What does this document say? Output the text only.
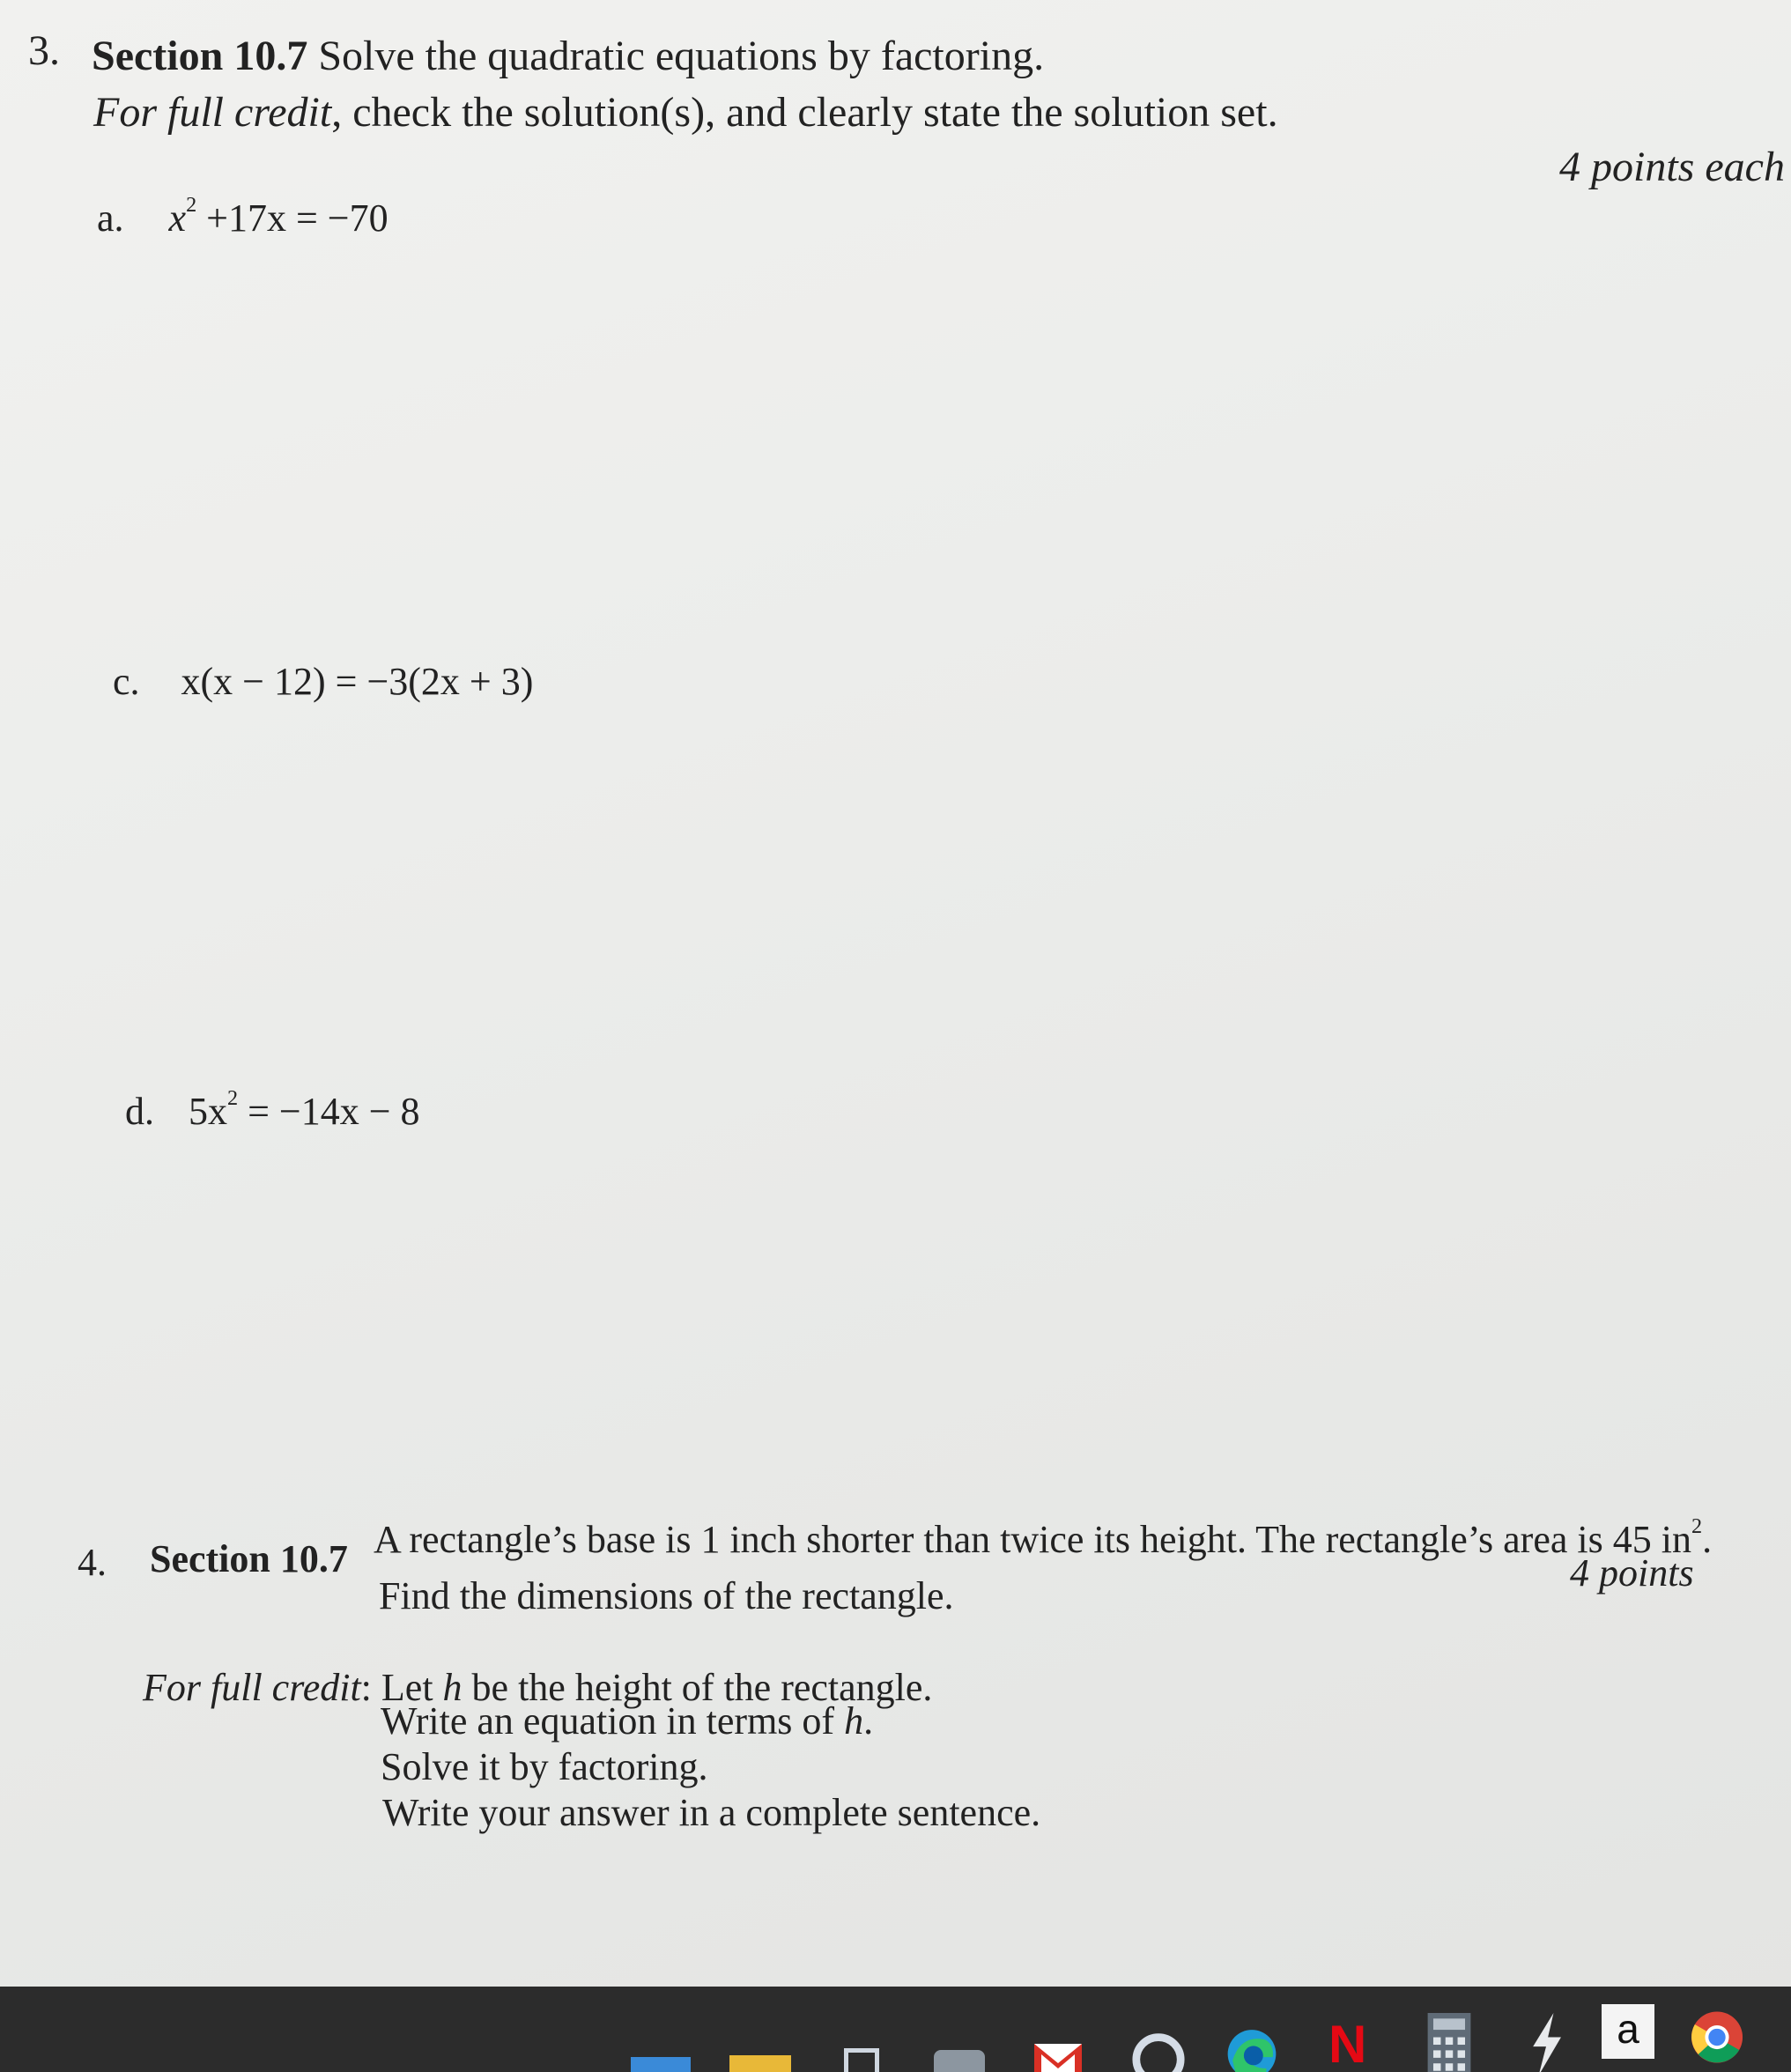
3. Section 10.7 Solve the quadratic equations by factoring.
For full credit, check the solution(s), and clearly state the solution set.
4 points each
a. $x^2 +17x = -70$
c. x(x − 12) = −3(2x + 3)
d. $5x^2 = -14x - 8$
4. Section 10.7 A rectangle’s base is 1 inch shorter than twice its height. The rectangle’s area is 45 $in^2$.
Find the dimensions of the rectangle.
4 points
For full credit: Let h be the height of the rectangle.
Write an equation in terms of h.
Solve it by factoring.
Write your answer in a complete sentence.
N	a
